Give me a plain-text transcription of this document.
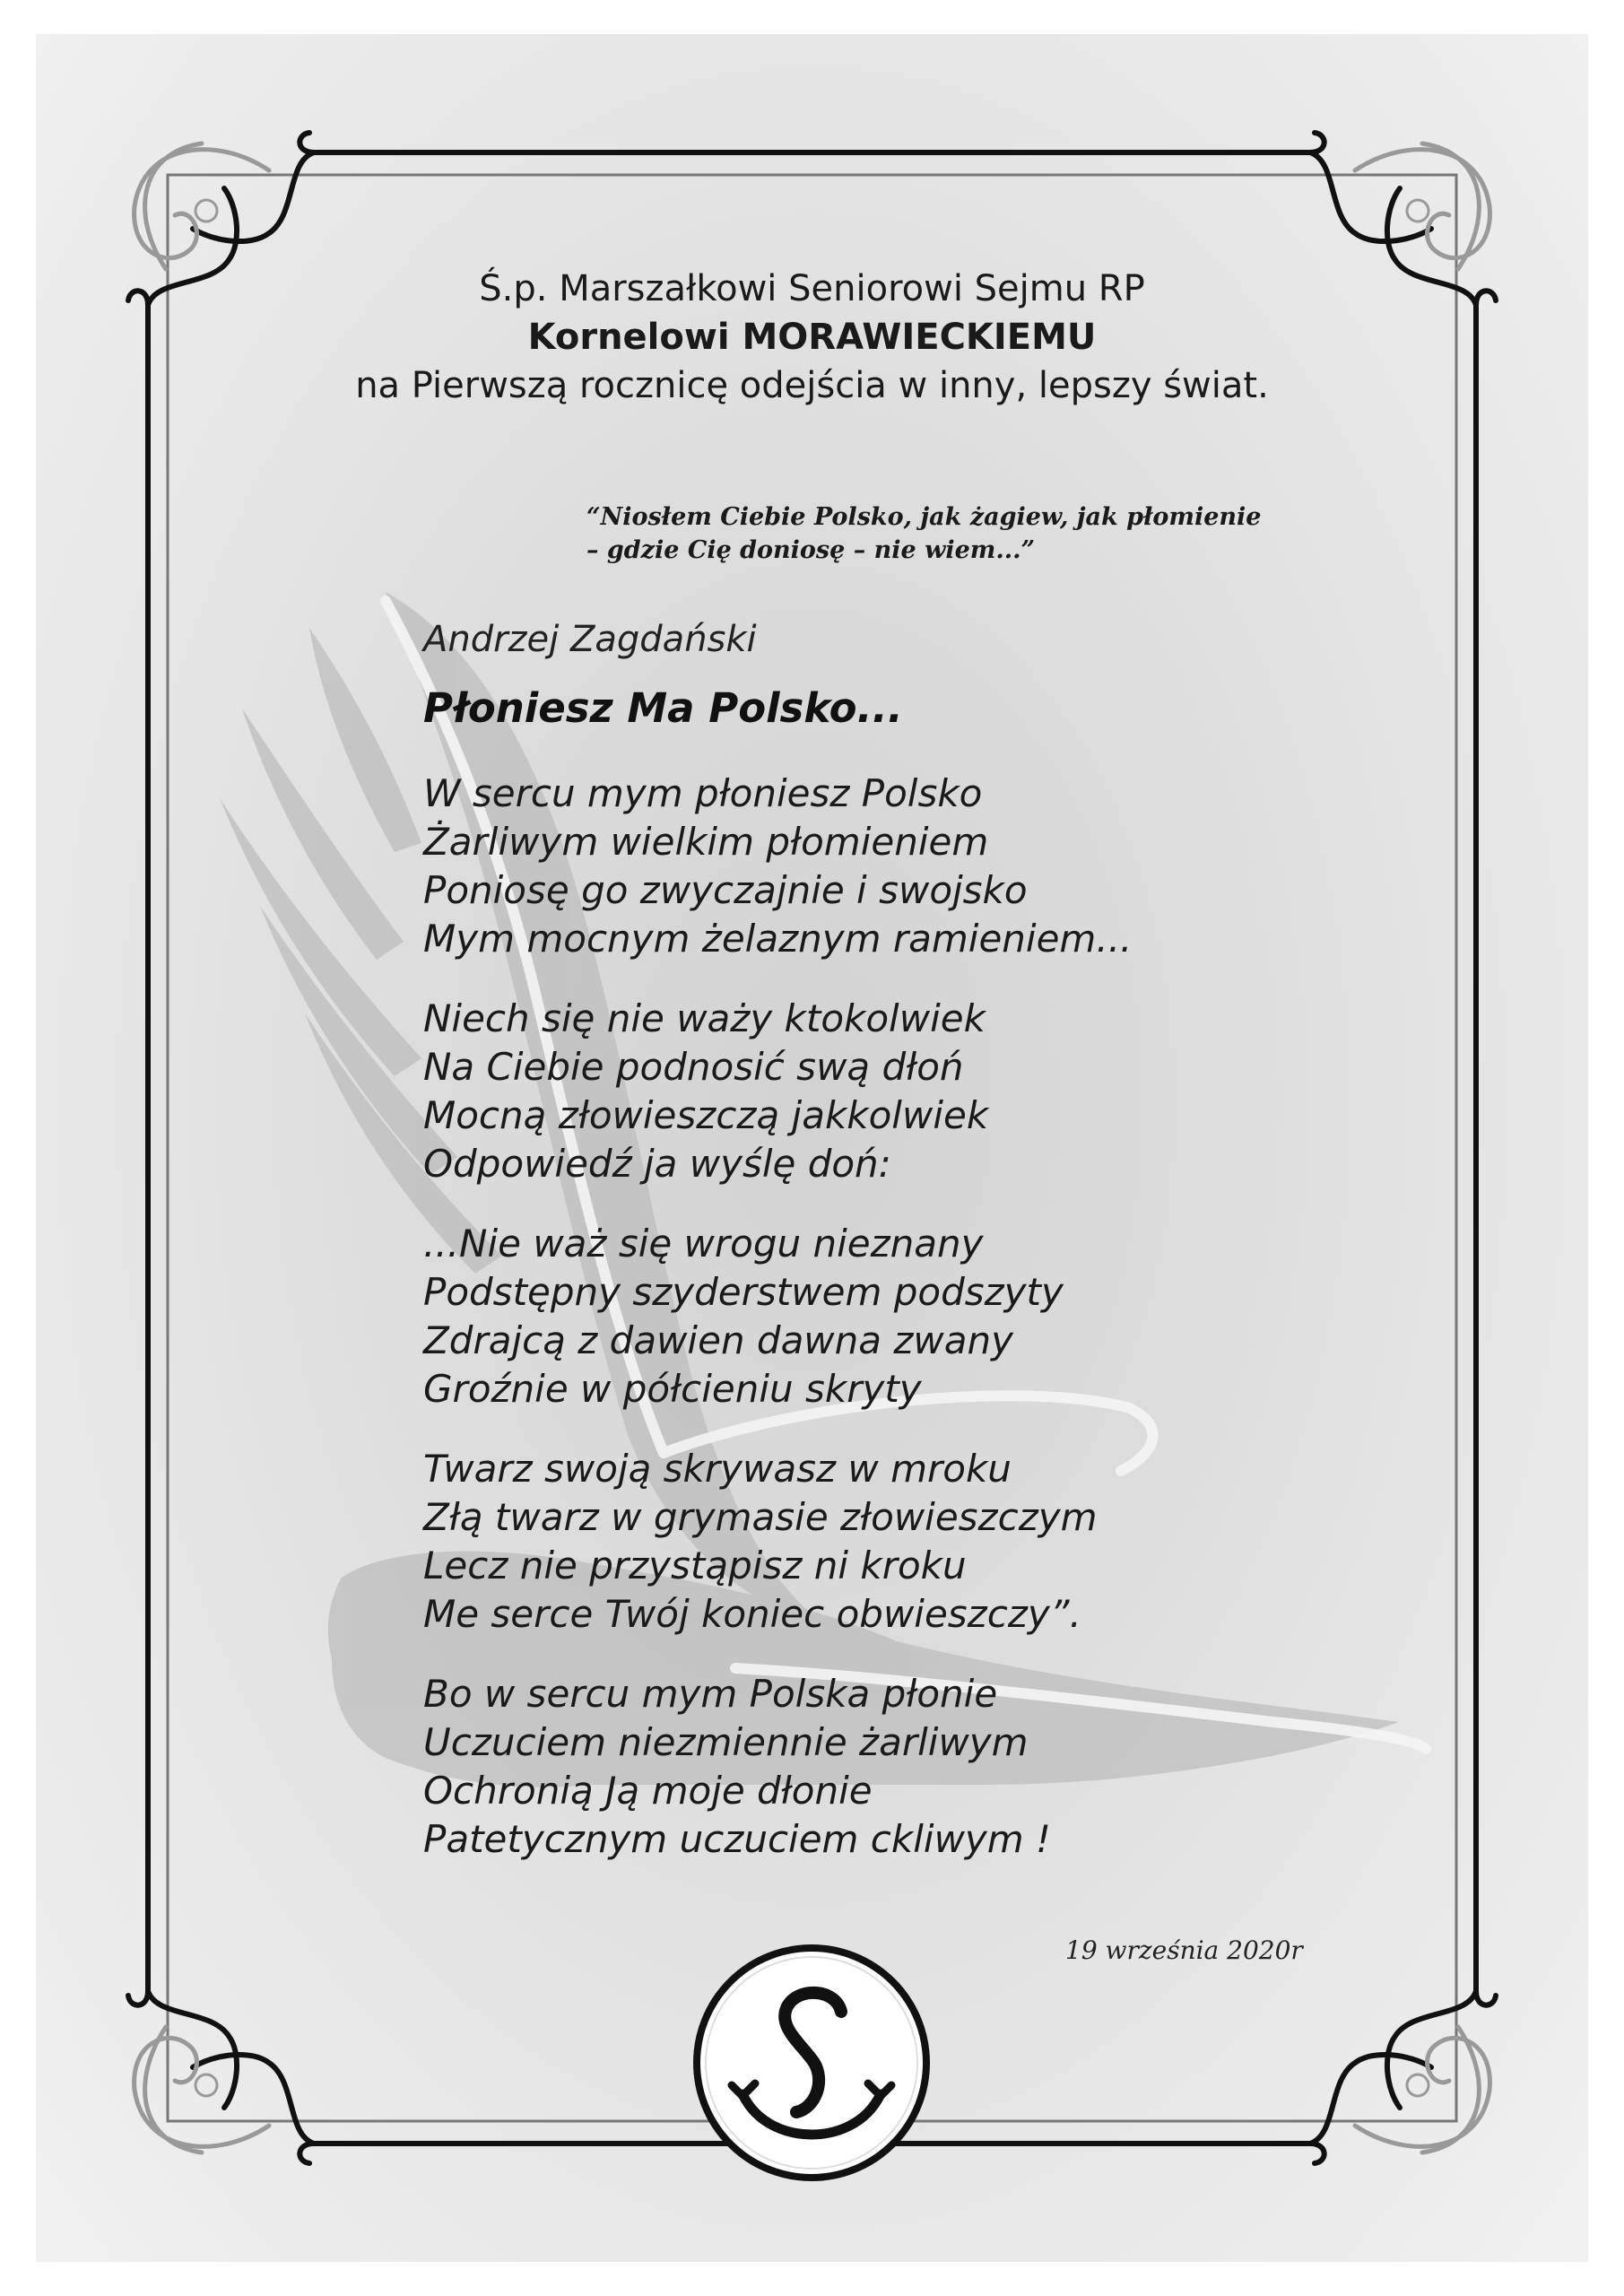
Ś.p. Marszałkowi Seniorowi Sejmu RP
Kornelowi MORAWIECKIEMU
na Pierwszą rocznicę odejścia w inny, lepszy świat.
“Niosłem Ciebie Polsko, jak żagiew, jak płomienie
– gdzie Cię doniosę – nie wiem...”
Andrzej Zagdański
Płoniesz Ma Polsko...
W sercu mym płoniesz Polsko
Żarliwym wielkim płomieniem
Poniosę go zwyczajnie i swojsko
Mym mocnym żelaznym ramieniem...
Niech się nie waży ktokolwiek
Na Ciebie podnosić swą dłoń
Mocną złowieszczą jakkolwiek
Odpowiedź ja wyślę doń:
...Nie waż się wrogu nieznany
Podstępny szyderstwem podszyty
Zdrajcą z dawien dawna zwany
Groźnie w półcieniu skryty
Twarz swoją skrywasz w mroku
Złą twarz w grymasie złowieszczym
Lecz nie przystąpisz ni kroku
Me serce Twój koniec obwieszczy”.
Bo w sercu mym Polska płonie
Uczuciem niezmiennie żarliwym
Ochronią Ją moje dłonie
Patetycznym uczuciem ckliwym !
19 września 2020r
